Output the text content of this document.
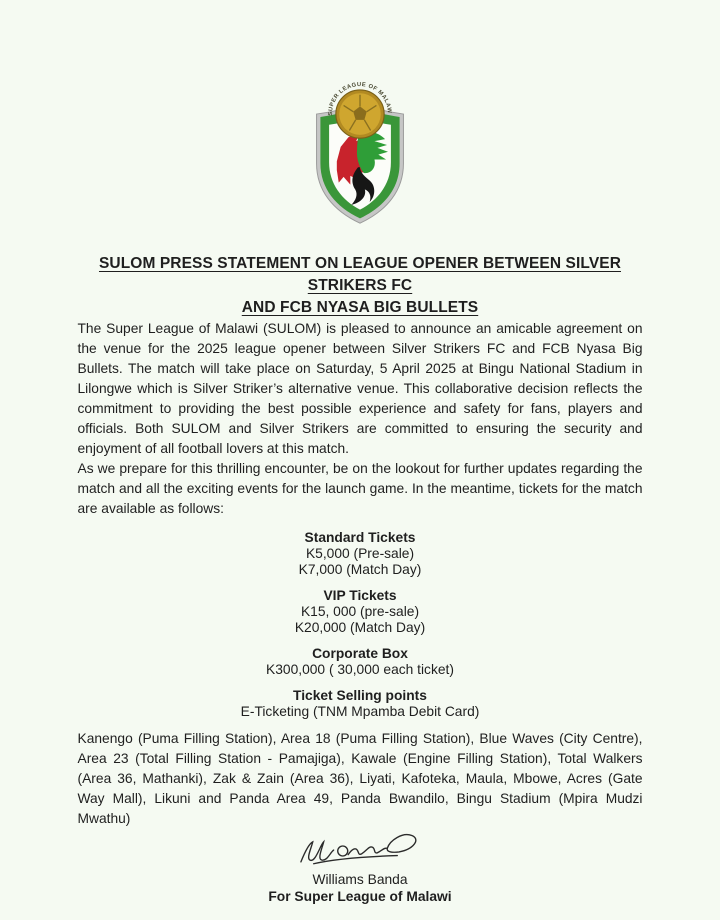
SUPER LEAGUE OF MALAWI
SULOM PRESS STATEMENT ON LEAGUE OPENER BETWEEN SILVER STRIKERS FC
AND FCB NYASA BIG BULLETS

The Super League of Malawi (SULOM) is pleased to announce an amicable agreement on the venue for the 2025 league opener between Silver Strikers FC and FCB Nyasa Big Bullets. The match will take place on Saturday, 5 April 2025 at Bingu National Stadium in Lilongwe which is Silver Striker’s alternative venue. This collaborative decision reflects the commitment to providing the best possible experience and safety for fans, players and officials. Both SULOM and Silver Strikers are committed to ensuring the security and enjoyment of all football lovers at this match.

As we prepare for this thrilling encounter, be on the lookout for further updates regarding the match and all the exciting events for the launch game. In the meantime, tickets for the match are available as follows:

Standard Tickets
K5,000 (Pre-sale)
K7,000 (Match Day)
VIP Tickets
K15, 000 (pre-sale)
K20,000 (Match Day)
Corporate Box
K300,000 ( 30,000 each ticket)
Ticket Selling points
E-Ticketing (TNM Mpamba Debit Card)

Kanengo (Puma Filling Station), Area 18 (Puma Filling Station), Blue Waves (City Centre), Area 23 (Total Filling Station - Pamajiga), Kawale (Engine Filling Station), Total Walkers (Area 36, Mathanki), Zak & Zain (Area 36), Liyati, Kafoteka, Maula, Mbowe, Acres (Gate Way Mall), Likuni and Panda Area 49, Panda Bwandilo, Bingu Stadium (Mpira Mudzi Mwathu)

Williams Banda
For Super League of Malawi
